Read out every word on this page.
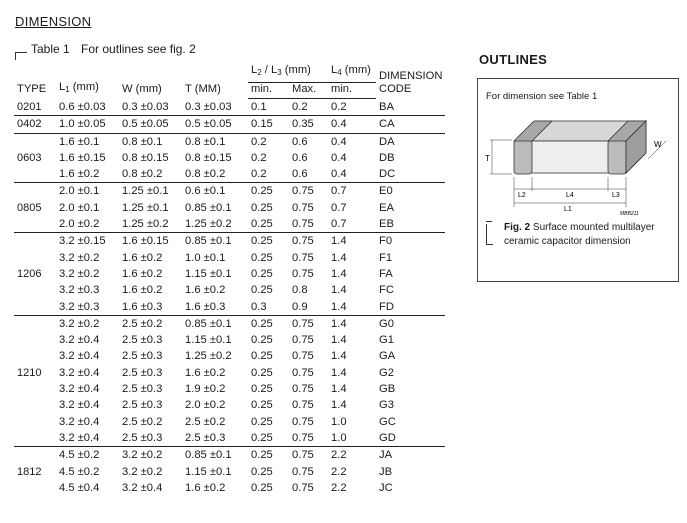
DIMENSION
Table 1 For outlines see fig. 2
TYPE	$L_1$ (mm)	W (mm)	T (MM)	$L_2 / L_3$ (mm)		$L_4$ (mm)	DIMENSION CODE
				min.	Max.	min.	
0201	0.6 ±0.03	0.3 ±0.03	0.3 ±0.03	0.1	0.2	0.2	BA
0402	1.0 ±0.05	0.5 ±0.05	0.5 ±0.05	0.15	0.35	0.4	CA
	1.6 ±0.1	0.8 ±0.1	0.8 ±0.1	0.2	0.6	0.4	DA
0603	1.6 ±0.15	0.8 ±0.15	0.8 ±0.15	0.2	0.6	0.4	DB
	1.6 ±0.2	0.8 ±0.2	0.8 ±0.2	0.2	0.6	0.4	DC
	2.0 ±0.1	1.25 ±0.1	0.6 ±0.1	0.25	0.75	0.7	E0
0805	2.0 ±0.1	1.25 ±0.1	0.85 ±0.1	0.25	0.75	0.7	EA
	2.0 ±0.2	1.25 ±0.2	1.25 ±0.2	0.25	0.75	0.7	EB
	3.2 ±0.15	1.6 ±0.15	0.85 ±0.1	0.25	0.75	1.4	F0
	3.2 ±0.2	1.6 ±0.2	1.0 ±0.1	0.25	0.75	1.4	F1
1206	3.2 ±0.2	1.6 ±0.2	1.15 ±0.1	0.25	0.75	1.4	FA
	3.2 ±0.3	1.6 ±0.2	1.6 ±0.2	0.25	0.8	1.4	FC
	3.2 ±0.3	1.6 ±0.3	1.6 ±0.3	0.3	0.9	1.4	FD
	3.2 ±0.2	2.5 ±0.2	0.85 ±0.1	0.25	0.75	1.4	G0
	3.2 ±0.4	2.5 ±0.3	1.15 ±0.1	0.25	0.75	1.4	G1
	3.2 ±0.4	2.5 ±0.3	1.25 ±0.2	0.25	0.75	1.4	GA
1210	3.2 ±0.4	2.5 ±0.3	1.6 ±0.2	0.25	0.75	1.4	G2
	3.2 ±0.4	2.5 ±0.3	1.9 ±0.2	0.25	0.75	1.4	GB
	3.2 ±0.4	2.5 ±0.3	2.0 ±0.2	0.25	0.75	1.4	G3
	3.2 ±0.4	2.5 ±0.2	2.5 ±0.2	0.25	0.75	1.0	GC
	3.2 ±0.4	2.5 ±0.3	2.5 ±0.3	0.25	0.75	1.0	GD
	4.5 ±0.2	3.2 ±0.2	0.85 ±0.1	0.25	0.75	2.2	JA
1812	4.5 ±0.2	3.2 ±0.2	1.15 ±0.1	0.25	0.75	2.2	JB
	4.5 ±0.4	3.2 ±0.4	1.6 ±0.2	0.25	0.75	2.2	JC
OUTLINES
For dimension see Table 1
T
W
L2	L4	L3
L1
MBB211
Fig. 2 Surface mounted multilayer ceramic capacitor dimension
